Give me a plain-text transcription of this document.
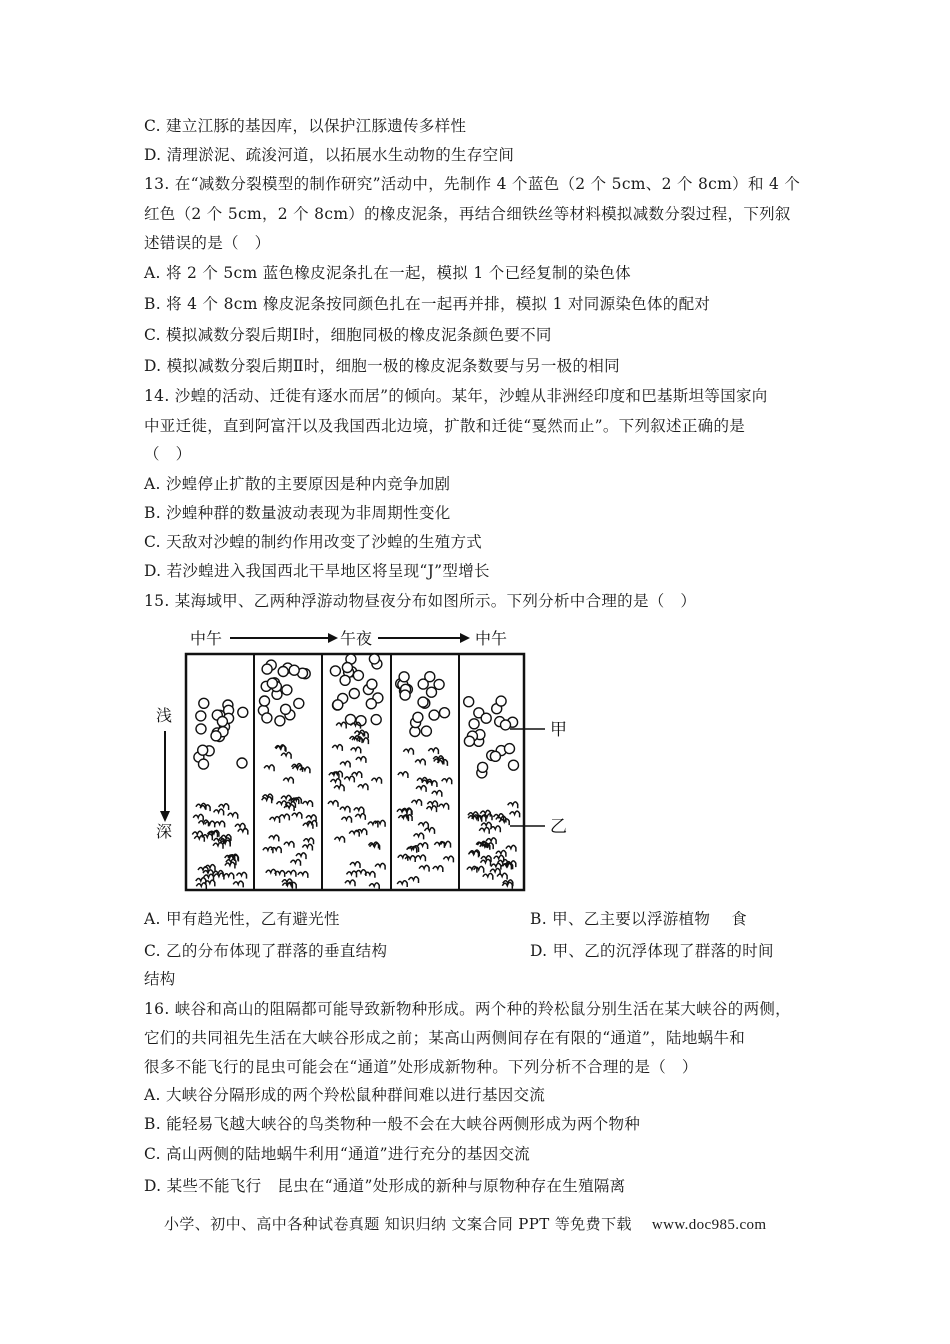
C. 建立江豚的基因库，以保护江豚遗传多样性
D. 清理淤泥、疏浚河道，以拓展水生动物的生存空间
13. 在“减数分裂模型的制作研究”活动中，先制作 4 个蓝色（2 个 5cm、2 个 8cm）和 4 个
红色（2 个 5cm，2 个 8cm）的橡皮泥条，再结合细铁丝等材料模拟减数分裂过程，下列叙
述错误的是（　）
A. 将 2 个 5cm 蓝色橡皮泥条扎在一起，模拟 1 个已经复制的染色体
B. 将 4 个 8cm 橡皮泥条按同颜色扎在一起再并排，模拟 1 对同源染色体的配对
C. 模拟减数分裂后期Ⅰ时，细胞同极的橡皮泥条颜色要不同
D. 模拟减数分裂后期Ⅱ时，细胞一极的橡皮泥条数要与另一极的相同
14. 沙蝗的活动、迁徙有逐水而居”的倾向。某年，沙蝗从非洲经印度和巴基斯坦等国家向
中亚迁徙，直到阿富汗以及我国西北边境，扩散和迁徙“戛然而止”。下列叙述正确的是
（　）
A. 沙蝗停止扩散的主要原因是种内竞争加剧
B. 沙蝗种群的数量波动表现为非周期性变化
C. 天敌对沙蝗的制约作用改变了沙蝗的生殖方式
D. 若沙蝗进入我国西北干旱地区将呈现“J”型增长
15. 某海域甲、乙两种浮游动物昼夜分布如图所示。下列分析中合理的是（　）
中午	午夜	中午
浅
深
甲
乙
A. 甲有趋光性，乙有避光性	B. 甲、乙主要以浮游植物　 食
C. 乙的分布体现了群落的垂直结构	D. 甲、乙的沉浮体现了群落的时间
结构
16. 峡谷和高山的阻隔都可能导致新物种形成。两个种的羚松鼠分别生活在某大峡谷的两侧，
它们的共同祖先生活在大峡谷形成之前；某高山两侧间存在有限的“通道”，陆地蜗牛和
很多不能飞行的昆虫可能会在“通道”处形成新物种。下列分析不合理的是（　）
A. 大峡谷分隔形成的两个羚松鼠种群间难以进行基因交流
B. 能轻易飞越大峡谷的鸟类物种一般不会在大峡谷两侧形成为两个物种
C. 高山两侧的陆地蜗牛利用“通道”进行充分的基因交流
D. 某些不能飞行　昆虫在“通道”处形成的新种与原物种存在生殖隔离
小学、初中、高中各种试卷真题 知识归纳 文案合同 PPT 等免费下载 www.doc985.com
